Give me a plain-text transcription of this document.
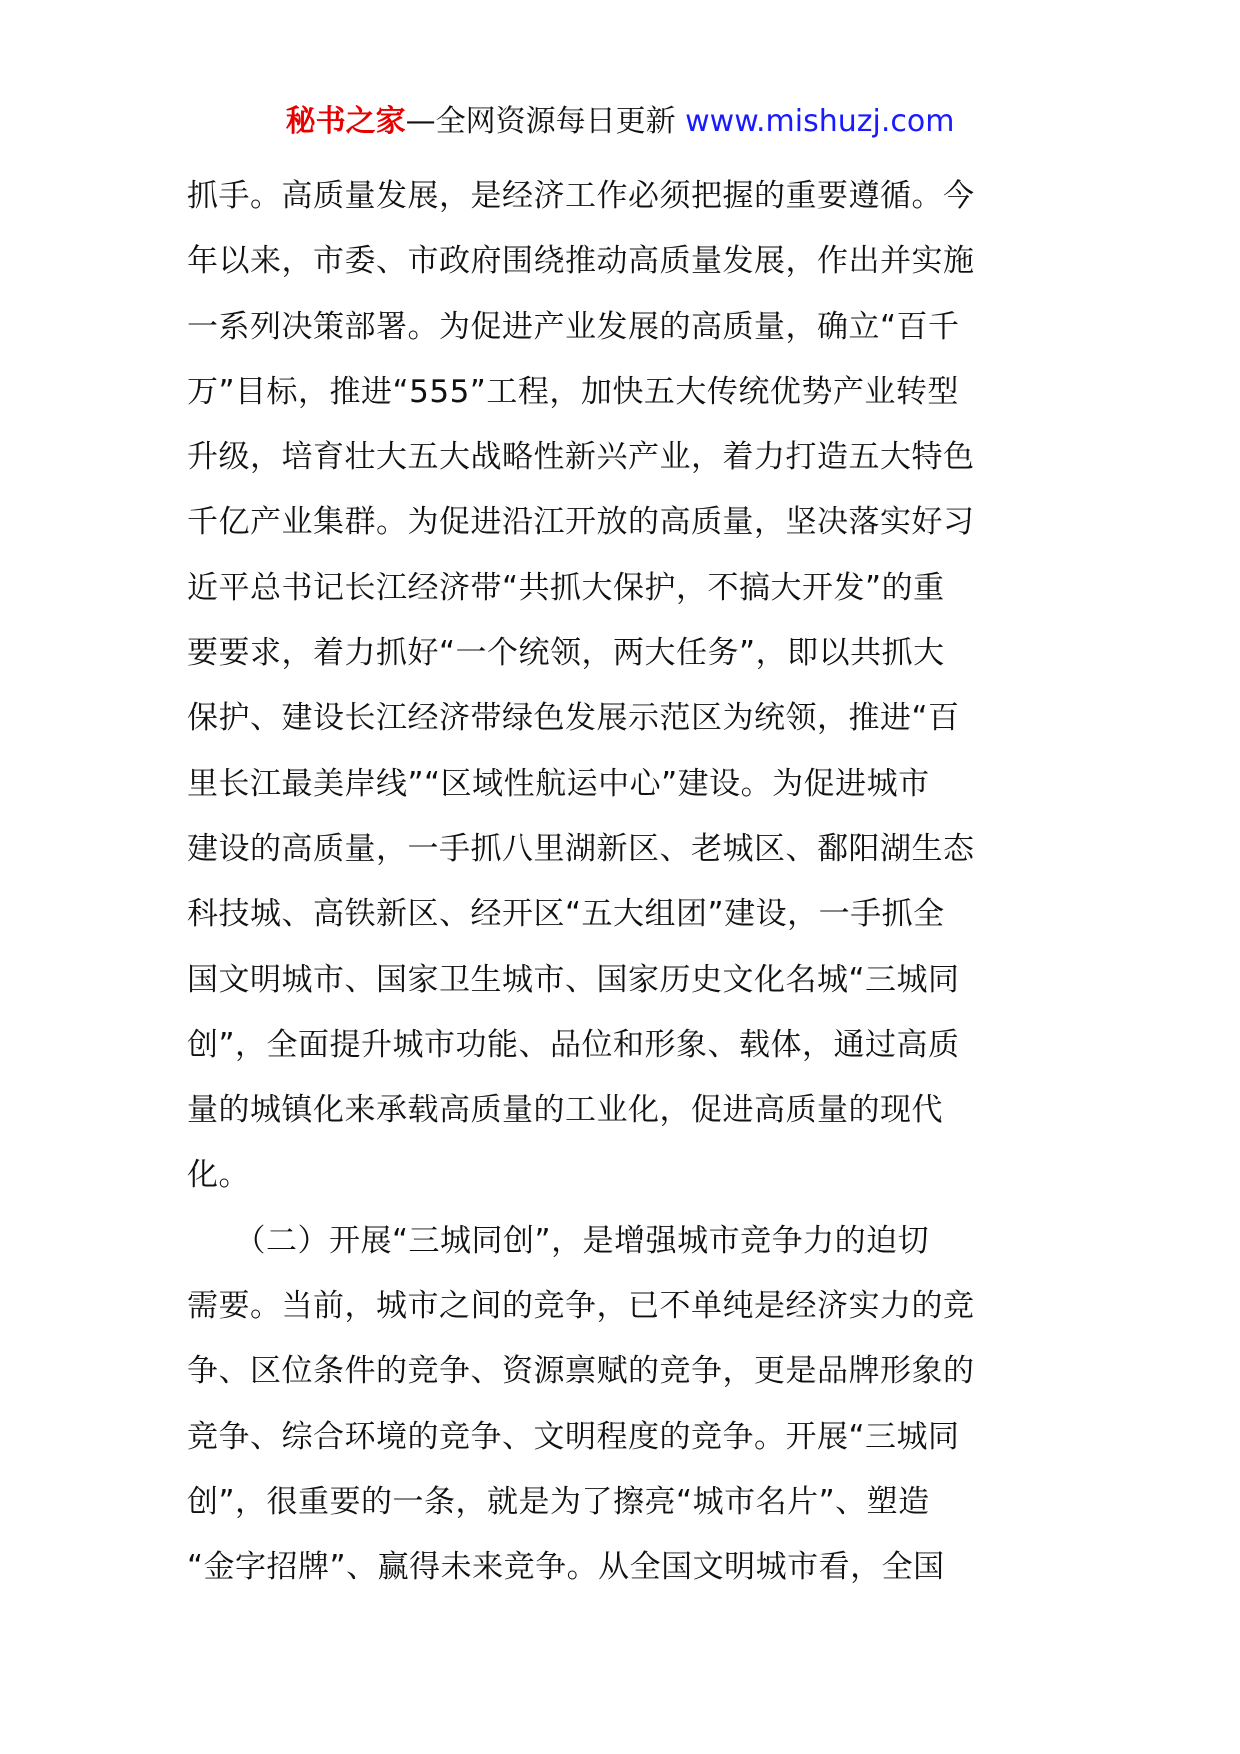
秘书之家—全网资源每日更新 www.mishuzj.com
抓手。高质量发展，是经济工作必须把握的重要遵循。今
年以来，市委、市政府围绕推动高质量发展，作出并实施
一系列决策部署。为促进产业发展的高质量，确立“百千
万”目标，推进“555”工程，加快五大传统优势产业转型
升级，培育壮大五大战略性新兴产业，着力打造五大特色
千亿产业集群。为促进沿江开放的高质量，坚决落实好习
近平总书记长江经济带“共抓大保护，不搞大开发”的重
要要求，着力抓好“一个统领，两大任务”，即以共抓大
保护、建设长江经济带绿色发展示范区为统领，推进“百
里长江最美岸线”“区域性航运中心”建设。为促进城市
建设的高质量，一手抓八里湖新区、老城区、鄱阳湖生态
科技城、高铁新区、经开区“五大组团”建设，一手抓全
国文明城市、国家卫生城市、国家历史文化名城“三城同
创”，全面提升城市功能、品位和形象、载体，通过高质
量的城镇化来承载高质量的工业化，促进高质量的现代
化。
　　（二）开展“三城同创”，是增强城市竞争力的迫切
需要。当前，城市之间的竞争，已不单纯是经济实力的竞
争、区位条件的竞争、资源禀赋的竞争，更是品牌形象的
竞争、综合环境的竞争、文明程度的竞争。开展“三城同
创”，很重要的一条，就是为了擦亮“城市名片”、塑造
“金字招牌”、赢得未来竞争。从全国文明城市看，全国
